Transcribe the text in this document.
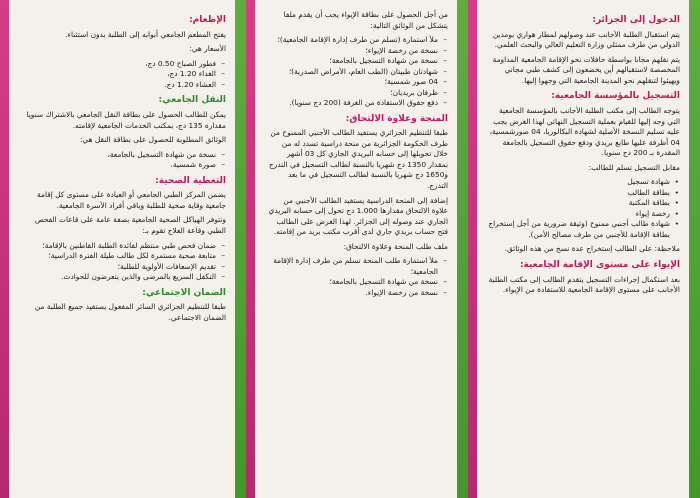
الدخول إلى الجزائر:

يتم استقبال الطلبة الأجانب عند وصولهم لمطار هواري بومدين الدولي من طرف ممثلي وزارة التعليم العالي والبحث العلمي.

يتم نقلهم مجانا بواسطة حافلات نحو الإقامة الجامعية المداومة المخصصة لاستقبالهم أين يخضعون إلى كشف طبي مجاني ويهيئوا لتنقلهم نحو المدينة الجامعية التي وجهوا إليها.

التسجيل بالمؤسسة الجامعية:

يتوجه الطالب إلى مكتب الطلبة الأجانب بالمؤسسة الجامعية التي وجه إليها للقيام بعملية التسجيل النهائي لهذا الغرض يجب عليه تسليم النسخة الأصلية لشهادة البكالوريا، 04 صورشمسية، 04 أظرفة عليها طابع بريدي ودفع حقوق التسجيل بالجامعة المقدرة بـ 200 دج سنويا.

مقابل التسجيل تسلم للطالب:

• شهادة تسجيل
• بطاقة الطالب
• بطاقة المكتبة
• رخصة إيواء
• شهادة طالب أجنبي ممنوح (وثيقة ضرورية من أجل إستخراج بطاقة الإقامة للأجنبي من طرف مصالح الأمن).

ملاحظة: على الطالب إستخراج عدة نسخ من هذه الوثائق.

الإيواء على مستوى الإقامة الجامعية:

بعد استكمال إجراءات التسجيل يتقدم الطالب إلى مكتب الطلبة الأجانب على مستوى الإقامة الجامعية للاستفادة من الإيواء.

من أجل الحصول على بطاقة الإيواء يجب أن يقدم ملفا يتشكل من الوثائق التالية:

– ملأ استمارة (تسلم من طرف إدارة الإقامة الجامعية)؛
– نسخة من رخصة الإيواء؛
– نسخة من شهادة التسجيل بالجامعة؛
– شهادتان طبيتان (الطب العام، الأمراض الصدرية)؛
– 04 صور شمسية؛
– ظرفان بريديان؛
– دفع حقوق الاستفادة من الغرفة (200 دج سنويا).
المنحة وعلاوة الالتحاق:

طبقا للتنظيم الجزائري يستفيد الطالب الأجنبي الممنوح من طرف الحكومة الجزائرية من منحة دراسية تسدد له من خلال تحويلها إلى حسابه البريدي الجاري كل 03 أشهر بمقدار 1350 دج شهريا بالنسبة لطالب التسجيل في التدرج و1650 دج شهريا بالنسبة لطالب التسجيل في ما بعد التدرج.

إضافة إلى المنحة الدراسية يستفيد الطالب الأجنبي من علاوة الالتحاق مقدارها 1.000 دج تحول إلى حسابه البريدي الجاري عند وصوله إلى الجزائر. لهذا الغرض على الطالب فتح حساب بريدي جاري لدى أقرب مكتب بريد من إقامته.

ملف طلب المنحة وعلاوة الالتحاق:

– ملأ استمارة طلب المنحة تسلم من طرف إدارة الإقامة الجامعية؛
– نسخة من شهادة التسجيل بالجامعة؛
– نسخة من رخصة الإيواء.
الإطعام:

يفتح المطعم الجامعي أبوابه إلى الطلبة بدون استثناء.

الأسعار هي:

– فطور الصباح 0.50 دج،
– الغداء 1.20 دج،
– العشاء 1.20 دج.
النقل الجامعي:

يمكن للطالب الحصول على بطاقة النقل الجامعي بالاشتراك سنويا مقداره 135 دج، بمكتب الخدمات الجامعية لإقامته.

الوثائق المطلوبة للحصول على بطاقة النقل هي:

– نسخة من شهادة التسجيل بالجامعة،
– صورة شمسية.
التغطية الصحية:

يضمن المركز الطبي الجامعي أو العيادة على مستوى كل إقامة جامعية وقاية صحية للطلبة وباقي أفراد الأسرة الجامعية.

وتتوفر الهياكل الصحية الجامعية بصفة عامة على قاعات الفحص الطبي وقاعة العلاج تقوم بـ:

– ضمان فحص طبي منتظم لفائدة الطلبة القاطنين بالإقامة؛
– متابعة صحية مستمرة لكل طالب طيلة الفترة الدراسية؛
– تقديم الإسعافات الأولوية للطلبة؛
– التكفل السريع بالمرضى والذين يتعرضون للحوادث.
الضمان الاجتماعي:

طبقا للتنظيم الجزائري السائر المفعول يستفيد جميع الطلبة من الضمان الاجتماعي.
